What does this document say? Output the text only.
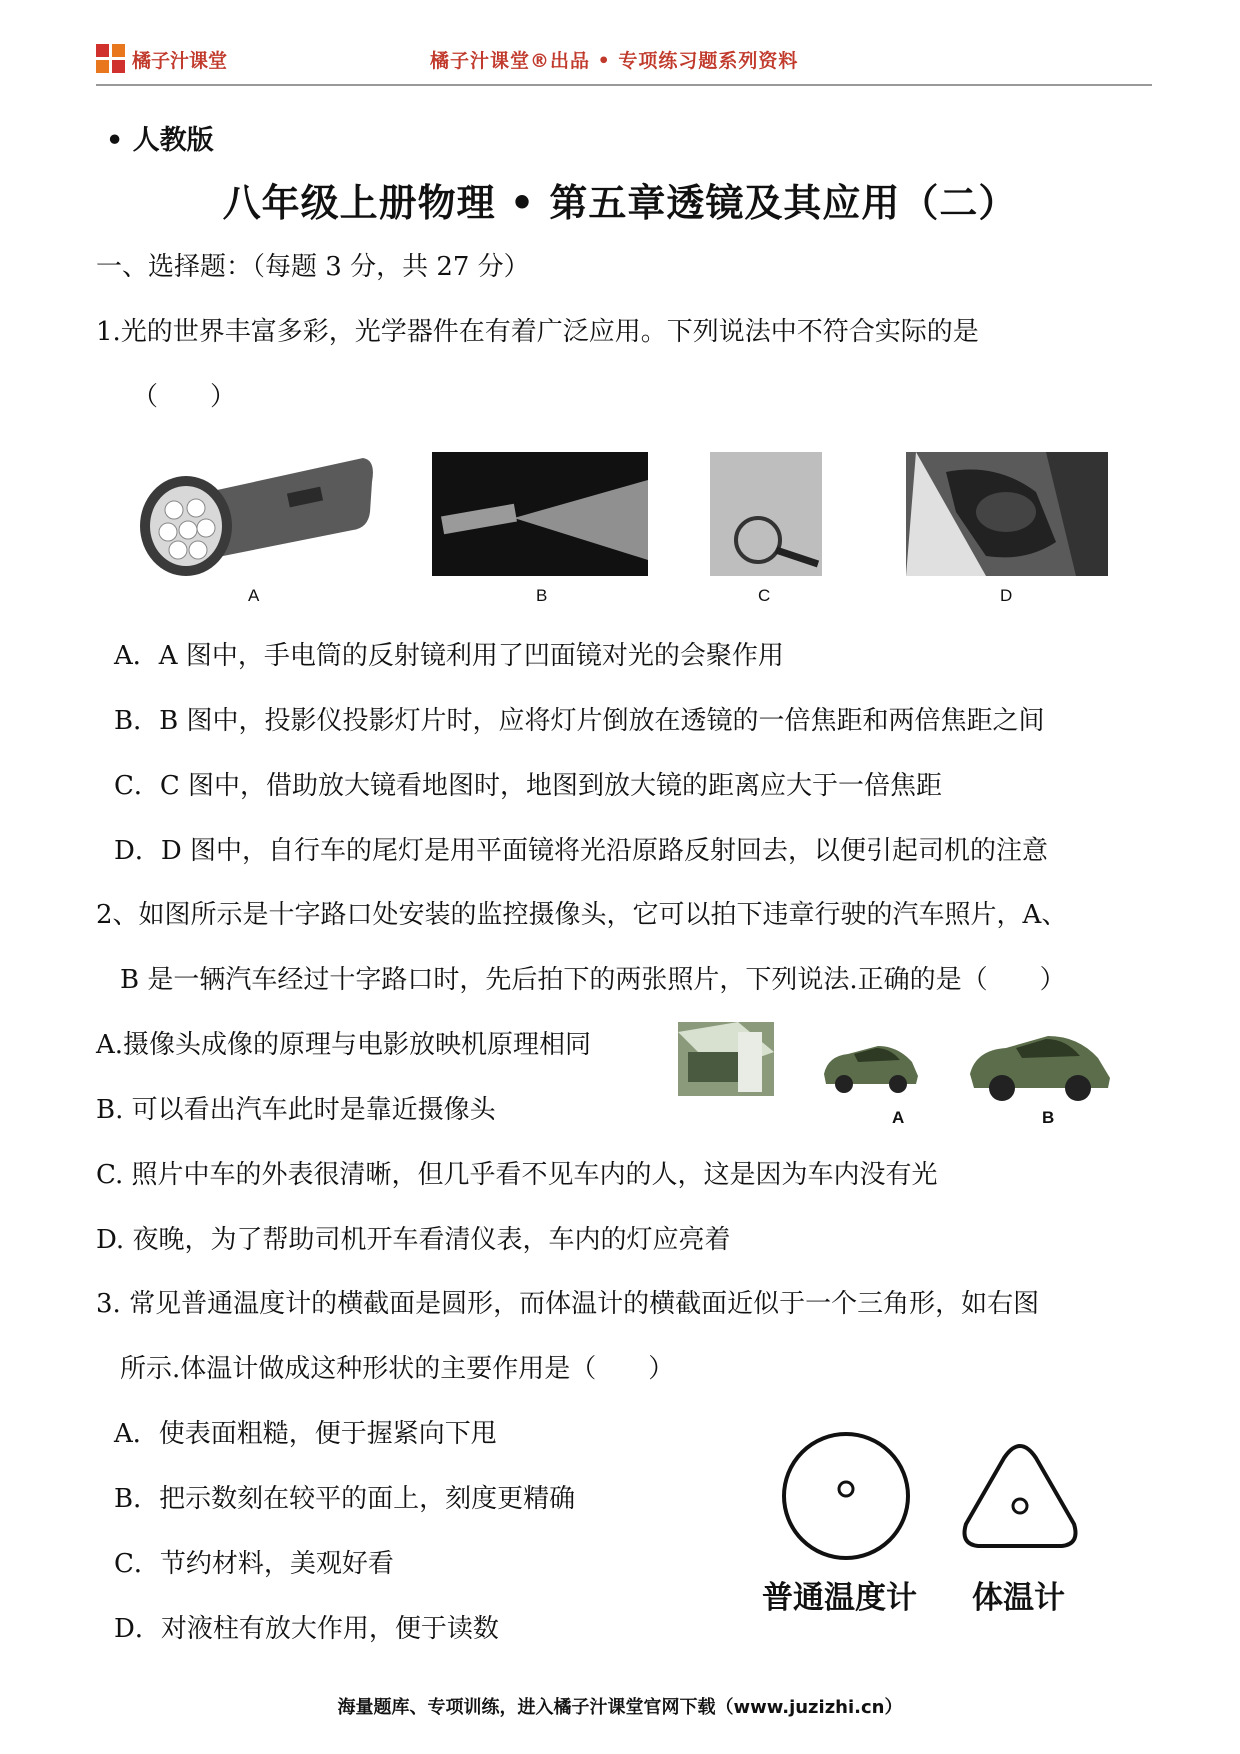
橘子汁课堂	橘子汁课堂®出品 • 专项练习题系列资料
• 人教版
八年级上册物理 • 第五章透镜及其应用（二）
一、选择题：（每题 3 分，共 27 分）
1.光的世界丰富多彩，光学器件在有着广泛应用。下列说法中不符合实际的是
（　　）
A	B	C	D
A．A 图中，手电筒的反射镜利用了凹面镜对光的会聚作用
B．B 图中，投影仪投影灯片时，应将灯片倒放在透镜的一倍焦距和两倍焦距之间
C．C 图中，借助放大镜看地图时，地图到放大镜的距离应大于一倍焦距
D．D 图中，自行车的尾灯是用平面镜将光沿原路反射回去，以便引起司机的注意
2、如图所示是十字路口处安装的监控摄像头，它可以拍下违章行驶的汽车照片，A、
B 是一辆汽车经过十字路口时，先后拍下的两张照片，下列说法.正确的是（　　）
A.摄像头成像的原理与电影放映机原理相同
B. 可以看出汽车此时是靠近摄像头
C. 照片中车的外表很清晰，但几乎看不见车内的人，这是因为车内没有光
D. 夜晚，为了帮助司机开车看清仪表，车内的灯应亮着
A	B
3. 常见普通温度计的横截面是圆形，而体温计的横截面近似于一个三角形，如右图
所示.体温计做成这种形状的主要作用是（　　）
A．使表面粗糙，便于握紧向下甩
B．把示数刻在较平的面上，刻度更精确
C．节约材料，美观好看
D．对液柱有放大作用，便于读数
普通温度计 体温计
海量题库、专项训练，进入橘子汁课堂官网下载（www.juzizhi.cn）
